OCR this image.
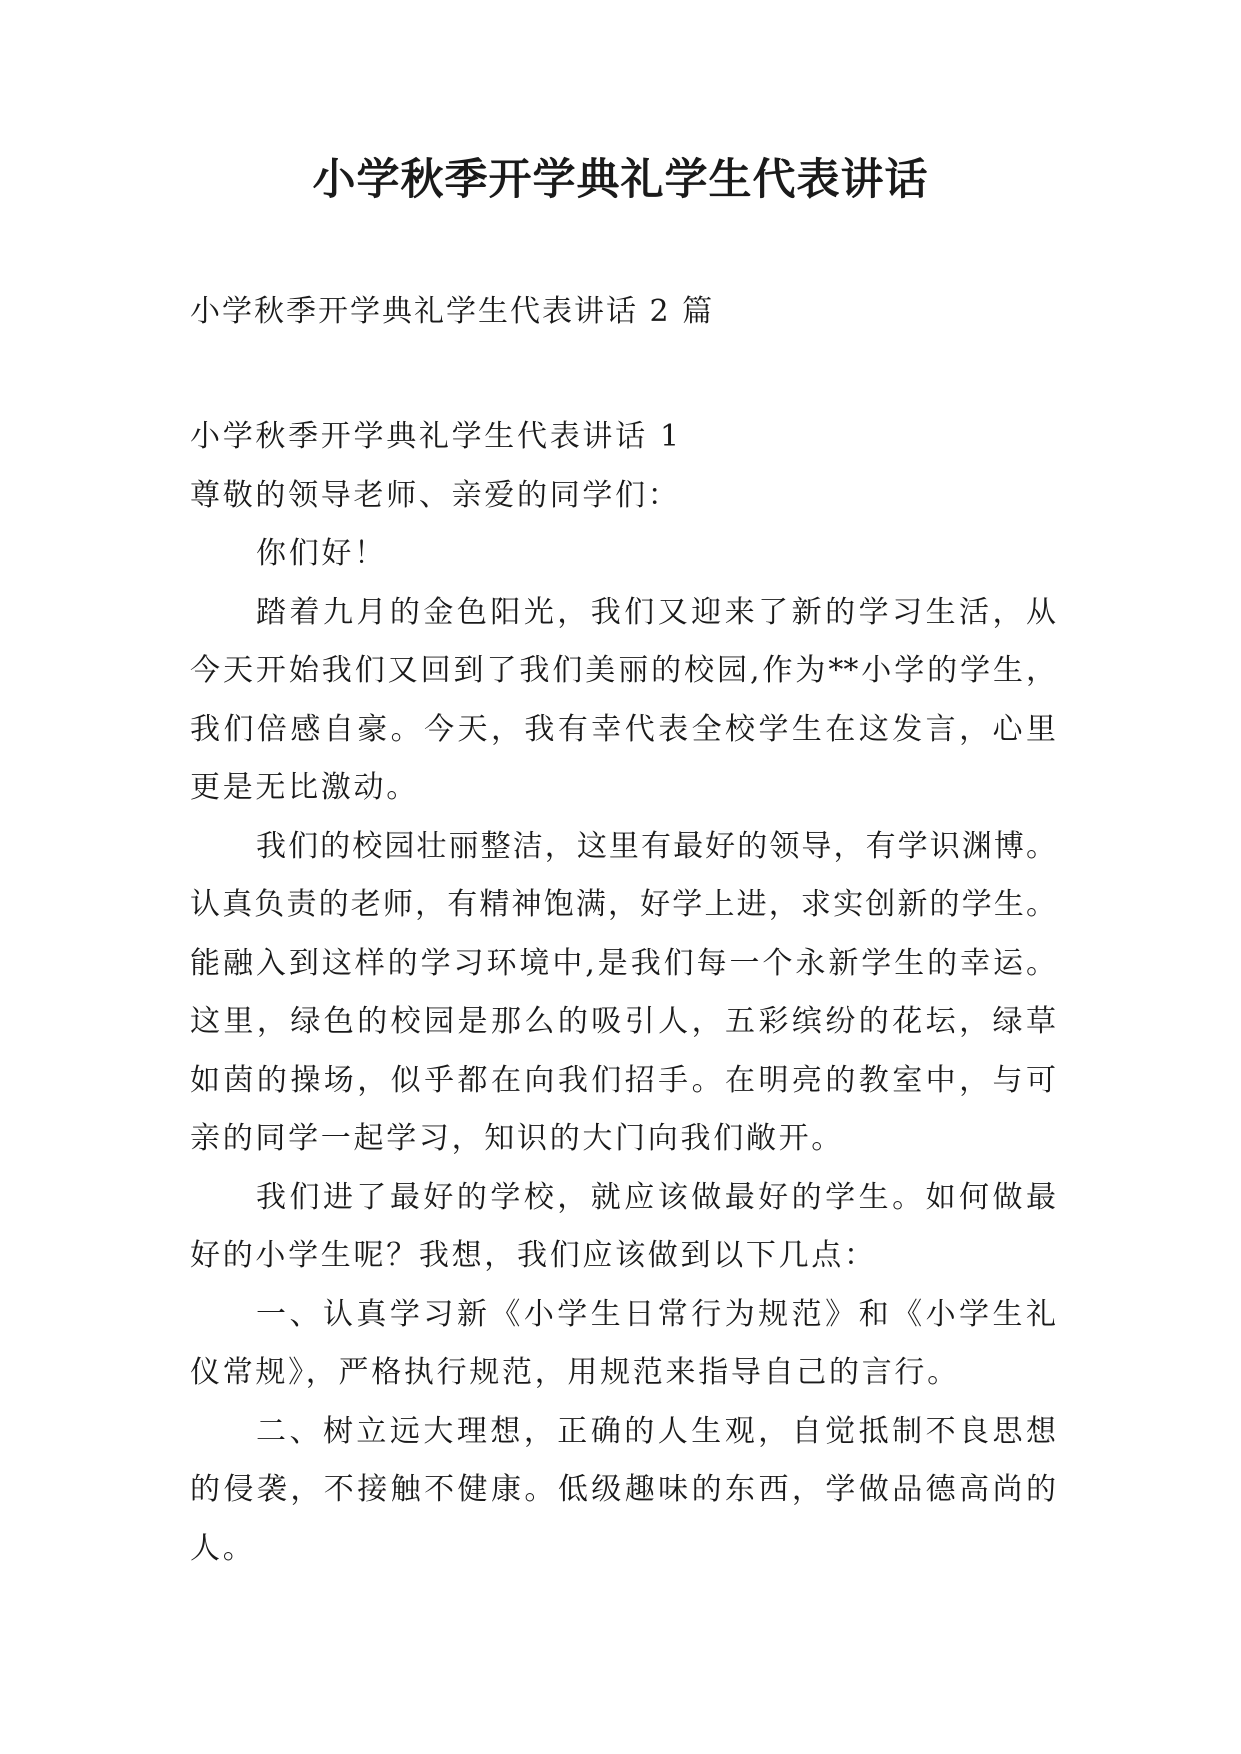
小学秋季开学典礼学生代表讲话

小学秋季开学典礼学生代表讲话 2 篇

小学秋季开学典礼学生代表讲话 1

尊敬的领导老师、亲爱的同学们：

你们好！

踏着九月的金色阳光，我们又迎来了新的学习生活，从

今天开始我们又回到了我们美丽的校园,作为**小学的学生，

我们倍感自豪。今天，我有幸代表全校学生在这发言，心里

更是无比激动。

我们的校园壮丽整洁，这里有最好的领导，有学识渊博。

认真负责的老师，有精神饱满，好学上进，求实创新的学生。

能融入到这样的学习环境中,是我们每一个永新学生的幸运。

这里，绿色的校园是那么的吸引人，五彩缤纷的花坛，绿草

如茵的操场，似乎都在向我们招手。在明亮的教室中，与可

亲的同学一起学习，知识的大门向我们敞开。

我们进了最好的学校，就应该做最好的学生。如何做最

好的小学生呢？我想，我们应该做到以下几点：

一、认真学习新《小学生日常行为规范》和《小学生礼

仪常规》，严格执行规范，用规范来指导自己的言行。

二、树立远大理想，正确的人生观，自觉抵制不良思想

的侵袭，不接触不健康。低级趣味的东西，学做品德高尚的

人。
